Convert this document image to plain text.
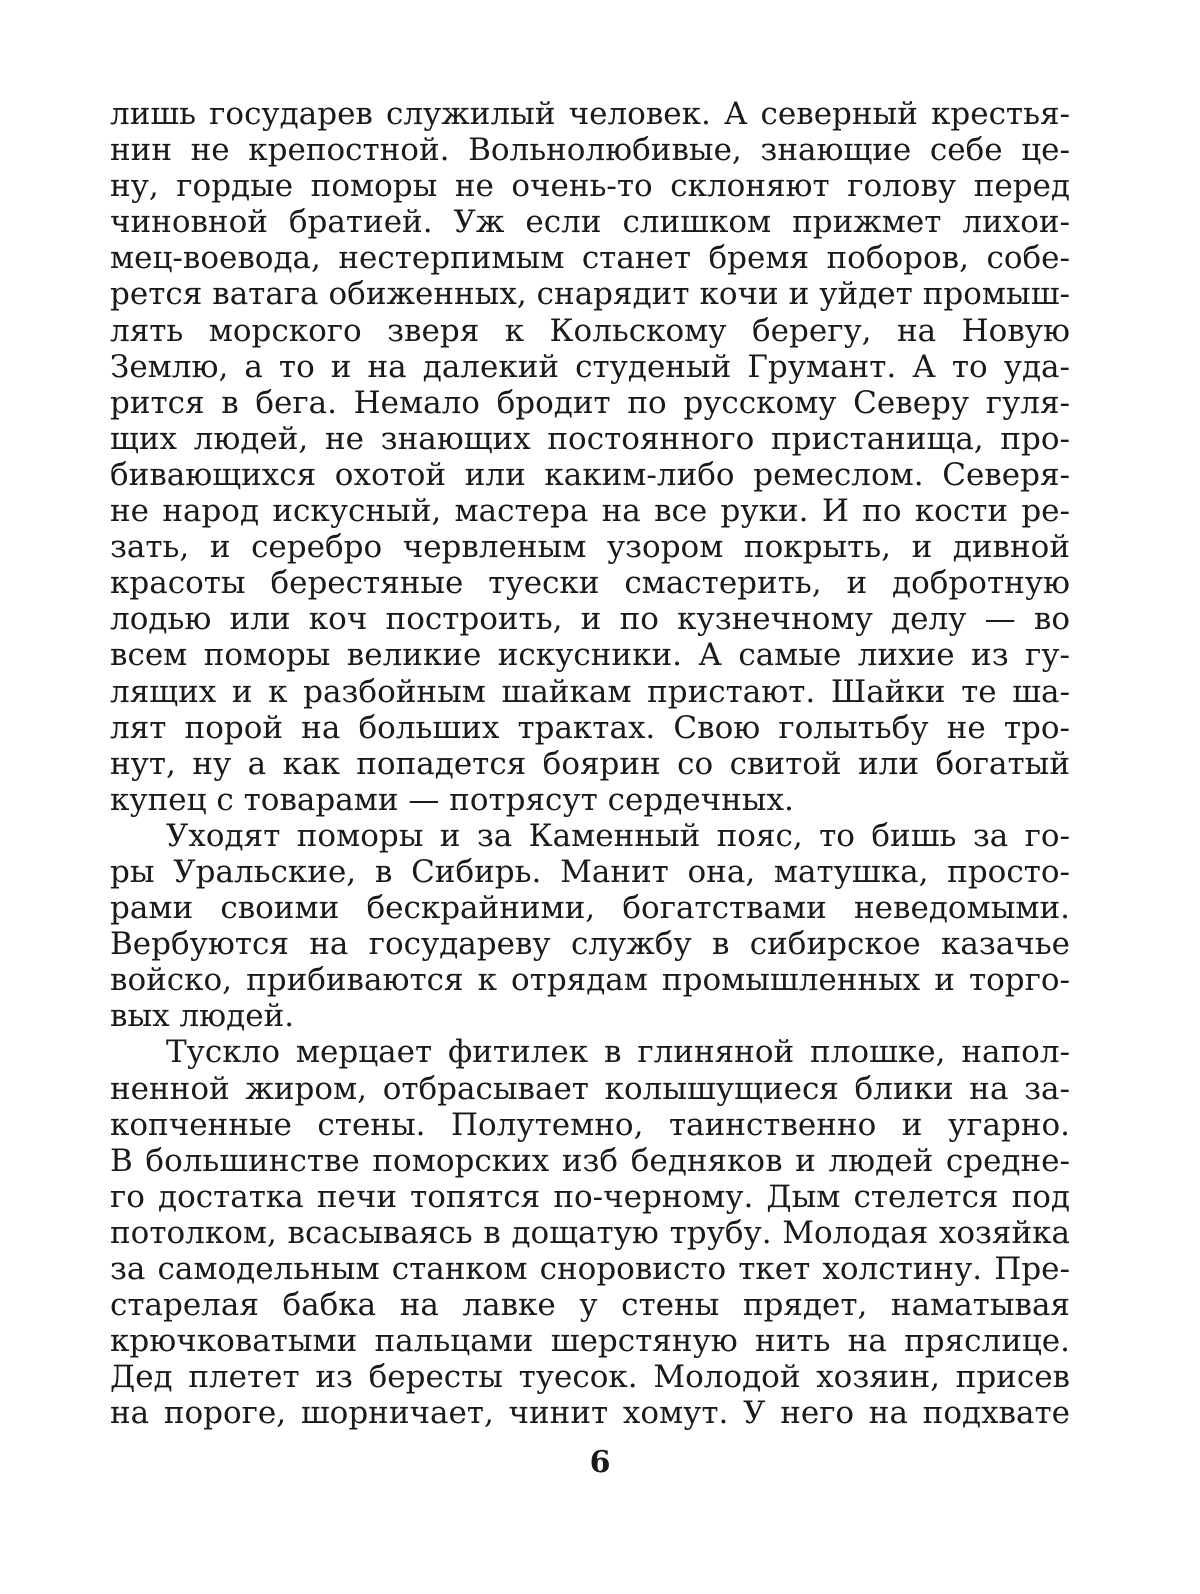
лишь государев служилый человек. А северный крестья-
нин не крепостной. Вольнолюбивые, знающие себе це-
ну, гордые поморы не очень-то склоняют голову перед
чиновной братией. Уж если слишком прижмет лихои-
мец-воевода, нестерпимым станет бремя поборов, собе-
рется ватага обиженных, снарядит кочи и уйдет промыш-
лять морского зверя к Кольскому берегу, на Новую
Землю, а то и на далекий студеный Грумант. А то уда-
рится в бега. Немало бродит по русскому Северу гуля-
щих людей, не знающих постоянного пристанища, про-
бивающихся охотой или каким-либо ремеслом. Северя-
не народ искусный, мастера на все руки. И по кости ре-
зать, и серебро червленым узором покрыть, и дивной
красоты берестяные туески смастерить, и добротную
лодью или коч построить, и по кузнечному делу — во
всем поморы великие искусники. А самые лихие из гу-
лящих и к разбойным шайкам пристают. Шайки те ша-
лят порой на больших трактах. Свою голытьбу не тро-
нут, ну а как попадется боярин со свитой или богатый
купец с товарами — потрясут сердечных.
Уходят поморы и за Каменный пояс, то бишь за го-
ры Уральские, в Сибирь. Манит она, матушка, просто-
рами своими бескрайними, богатствами неведомыми.
Вербуются на государеву службу в сибирское казачье
войско, прибиваются к отрядам промышленных и торго-
вых людей.
Тускло мерцает фитилек в глиняной плошке, напол-
ненной жиром, отбрасывает колышущиеся блики на за-
копченные стены. Полутемно, таинственно и угарно.
В большинстве поморских изб бедняков и людей средне-
го достатка печи топятся по-черному. Дым стелется под
потолком, всасываясь в дощатую трубу. Молодая хозяйка
за самодельным станком сноровисто ткет холстину. Пре-
старелая бабка на лавке у стены прядет, наматывая
крючковатыми пальцами шерстяную нить на пряслице.
Дед плетет из бересты туесок. Молодой хозяин, присев
на пороге, шорничает, чинит хомут. У него на подхвате
6
